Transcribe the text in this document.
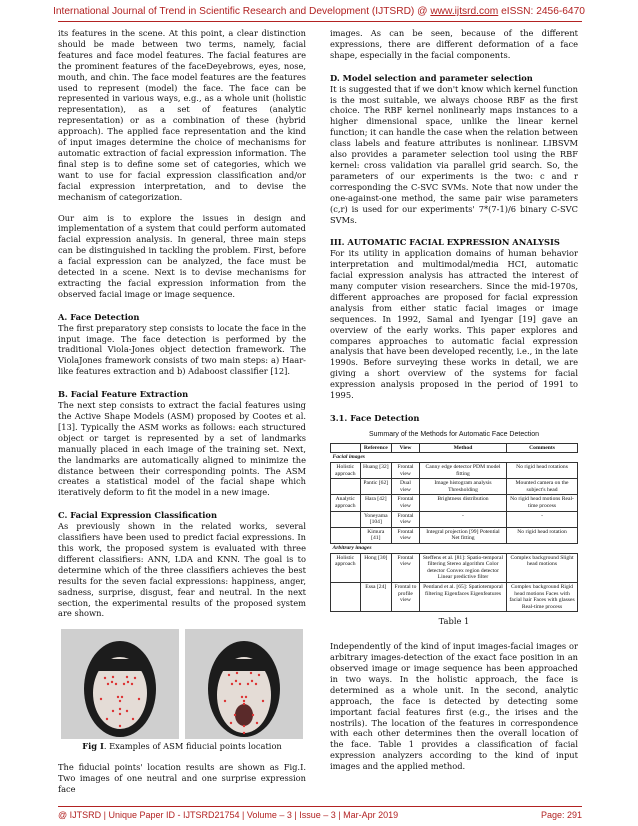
International Journal of Trend in Scientific Research and Development (IJTSRD) @ www.ijtsrd.com eISSN: 2456-6470

its features in the scene. At this point, a clear distinction should be made between two terms, namely, facial features and face model features. The facial features are the prominent features of the faceDeyebrows, eyes, nose, mouth, and chin. The face model features are the features used to represent (model) the face. The face can be represented in various ways, e.g., as a whole unit (holistic representation), as a set of features (analytic representation) or as a combination of these (hybrid approach). The applied face representation and the kind of input images determine the choice of mechanisms for automatic extraction of facial expression information. The final step is to define some set of categories, which we want to use for facial expression classification and/or facial expression interpretation, and to devise the mechanism of categorization.

Our aim is to explore the issues in design and implementation of a system that could perform automated facial expression analysis. In general, three main steps can be distinguished in tackling the problem. First, before a facial expression can be analyzed, the face must be detected in a scene. Next is to devise mechanisms for extracting the facial expression information from the observed facial image or image sequence.

A. Face Detection

The first preparatory step consists to locate the face in the input image. The face detection is performed by the traditional Viola-Jones object detection framework. The ViolaJones framework consists of two main steps: a) Haar-like features extraction and b) Adaboost classifier [12].

B. Facial Feature Extraction

The next step consists to extract the facial features using the Active Shape Models (ASM) proposed by Cootes et al. [13]. Typically the ASM works as follows: each structured object or target is represented by a set of landmarks manually placed in each image of the training set. Next, the landmarks are automatically aligned to minimize the distance between their corresponding points. The ASM creates a statistical model of the facial shape which iteratively deform to fit the model in a new image.

C. Facial Expression Classification

As previously shown in the related works, several classifiers have been used to predict facial expressions. In this work, the proposed system is evaluated with three different classifiers: ANN, LDA and KNN. The goal is to determine which of the three classifiers achieves the best results for the seven facial expressions: happiness, anger, sadness, surprise, disgust, fear and neutral. In the next section, the experimental results of the proposed system are shown.

Fig I. Examples of ASM fiducial points location

The fiducial points' location results are shown as Fig.I. Two images of one neutral and one surprise expression face

images. As can be seen, because of the different expressions, there are different deformation of a face shape, especially in the facial components.

D. Model selection and parameter selection

It is suggested that if we don't know which kernel function is the most suitable, we always choose RBF as the first choice. The RBF kernel nonlinearly maps instances to a higher dimensional space, unlike the linear kernel function; it can handle the case when the relation between class labels and feature attributes is nonlinear. LIBSVM also provides a parameter selection tool using the RBF kernel: cross validation via parallel grid search. So, the parameters of our experiments is the two: c and r corresponding the C-SVC SVMs. Note that now under the one-against-one method, the same pair wise parameters (c,r) is used for our experiments' 7*(7-1)/6 binary C-SVC SVMs.

III. AUTOMATIC FACIAL EXPRESSION ANALYSIS

For its utility in application domains of human behavior interpretation and multimodal/media HCI, automatic facial expression analysis has attracted the interest of many computer vision researchers. Since the mid-1970s, different approaches are proposed for facial expression analysis from either static facial images or image sequences. In 1992, Samal and Iyengar [19] gave an overview of the early works. This paper explores and compares approaches to automatic facial expression analysis that have been developed recently, i.e., in the late 1990s. Before surveying these works in detail, we are giving a short overview of the systems for facial expression analysis proposed in the period of 1991 to 1995.

3.1. Face Detection
Summary of the Methods for Automatic Face Detection
	Reference	View	Method	Comments
Facial images				
Holistic approach	Huang [32]	Frontal view	Canny edge detector PDM model fitting	No rigid head rotations
	Pantic [62]	Dual view	Image histogram analysis Thresholding	Mounted camera on the subject's head
Analytic approach	Hara [42]	Frontal view	Brightness distribution	No rigid head motions Real-time process
	Yoneyama [104]	Frontal view	-	-
	Kimura [41]	Frontal view	Integral projection [99] Potential Net fitting	No rigid head rotation
Arbitrary images				
Holistic approach	Hong [30]	Frontal view	Steffens et al. [81]: Spatio-temporal filtering Stereo algorithm Color detector Convex region detector Linear predictive filter	Complex background Slight head motions
	Essa [24]	Frontal to profile view	Pentland et al. [65]: Spatiotemporal filtering Eigenfaces Eigenfeatures	Complex background Rigid head motions Faces with facial hair Faces with glasses Real-time process
Table 1

Independently of the kind of input images-facial images or arbitrary images-detection of the exact face position in an observed image or image sequence has been approached in two ways. In the holistic approach, the face is determined as a whole unit. In the second, analytic approach, the face is detected by detecting some important facial features first (e.g., the irises and the nostrils). The location of the features in correspondence with each other determines then the overall location of the face. Table 1 provides a classification of facial expression analyzers according to the kind of input images and the applied method.

@ IJTSRD | Unique Paper ID - IJTSRD21754 | Volume – 3 | Issue – 3 | Mar-Apr 2019	Page: 291
